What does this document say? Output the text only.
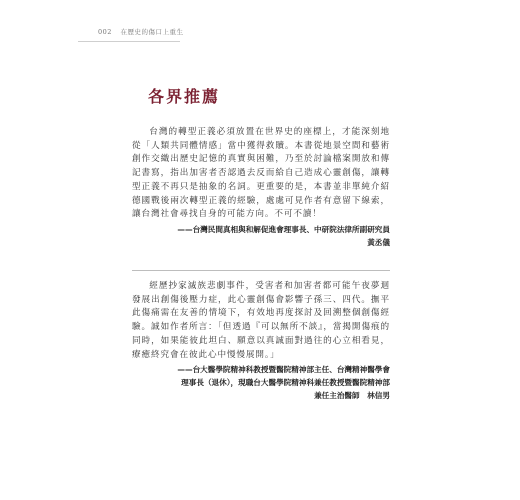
002 在歷史的傷口上重生
各界推薦

台灣的轉型正義必須放置在世界史的座標上，才能深刻地從「人類共同體情感」當中獲得救贖。本書從地景空間和藝術創作交織出歷史記憶的真實與困難，乃至於討論檔案開放和傳記書寫，指出加害者否認過去反而給自己造成心靈創傷，讓轉型正義不再只是抽象的名詞。更重要的是，本書並非單純介紹德國戰後兩次轉型正義的經驗，處處可見作者有意留下線索，讓台灣社會尋找自身的可能方向。不可不讀！

——台灣民間真相與和解促進會理事長、中研院法律所副研究員
黃丞儀

經歷抄家滅族悲劇事件，受害者和加害者都可能午夜夢迴發展出創傷後壓力症，此心靈創傷會影響子孫三、四代。撫平此傷痛需在友善的情境下，有效地再度探討及回溯整個創傷經驗。誠如作者所言：「但透過『可以無所不談』，當揭開傷痕的同時，如果能彼此坦白、願意以真誠面對過往的心立相看見，療癒終究會在彼此心中慢慢展開。」

——台大醫學院精神科教授暨醫院精神部主任、台灣精神醫學會
理事長（退休），現職台大醫學院精神科兼任教授暨醫院精神部
兼任主治醫師　林信男
